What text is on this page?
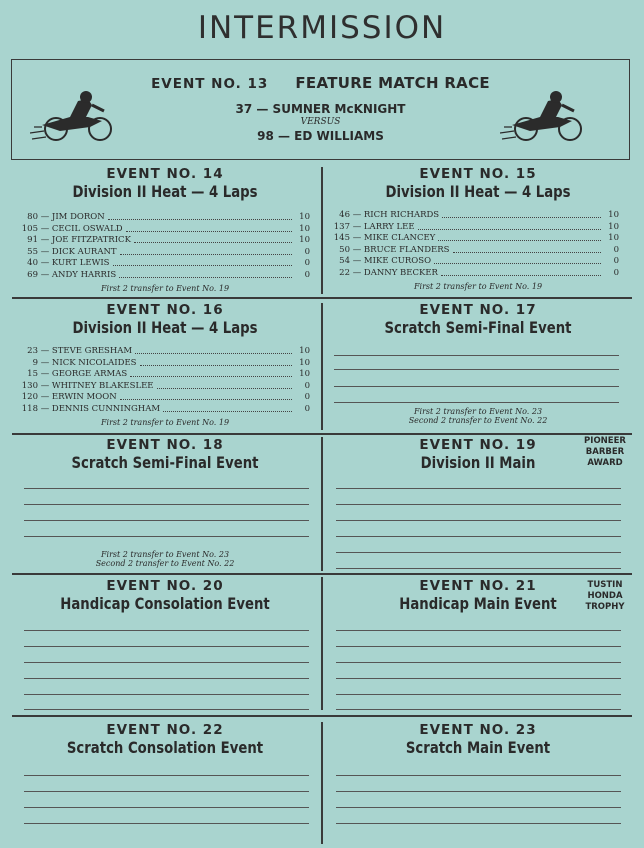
INTERMISSION
EVENT NO. 13 FEATURE MATCH RACE
37 — SUMNER McKNIGHT
VERSUS
98 — ED WILLIAMS
EVENT NO. 14
Division II Heat — 4 Laps
80 — JIM DORON	10
105 — CECIL OSWALD	10
91 — JOE FITZPATRICK	10
55 — DICK AURANT	0
40 — KURT LEWIS	0
69 — ANDY HARRIS	0
First 2 transfer to Event No. 19
EVENT NO. 15
Division II Heat — 4 Laps
46 — RICH RICHARDS	10
137 — LARRY LEE	10
145 — MIKE CLANCEY	10
50 — BRUCE FLANDERS	0
54 — MIKE CUROSO	0
22 — DANNY BECKER	0
First 2 transfer to Event No. 19
EVENT NO. 16
Division II Heat — 4 Laps
23 — STEVE GRESHAM	10
9 — NICK NICOLAIDES	10
15 — GEORGE ARMAS	10
130 — WHITNEY BLAKESLEE	0
120 — ERWIN MOON	0
118 — DENNIS CUNNINGHAM	0
First 2 transfer to Event No. 19
EVENT NO. 17
Scratch Semi-Final Event
First 2 transfer to Event No. 23
Second 2 transfer to Event No. 22
EVENT NO. 18
Scratch Semi-Final Event
First 2 transfer to Event No. 23
Second 2 transfer to Event No. 22
EVENT NO. 19
Division II Main
PIONEER
BARBER
AWARD
EVENT NO. 20
Handicap Consolation Event
EVENT NO. 21
Handicap Main Event
TUSTIN
HONDA
TROPHY
EVENT NO. 22
Scratch Consolation Event
EVENT NO. 23
Scratch Main Event
